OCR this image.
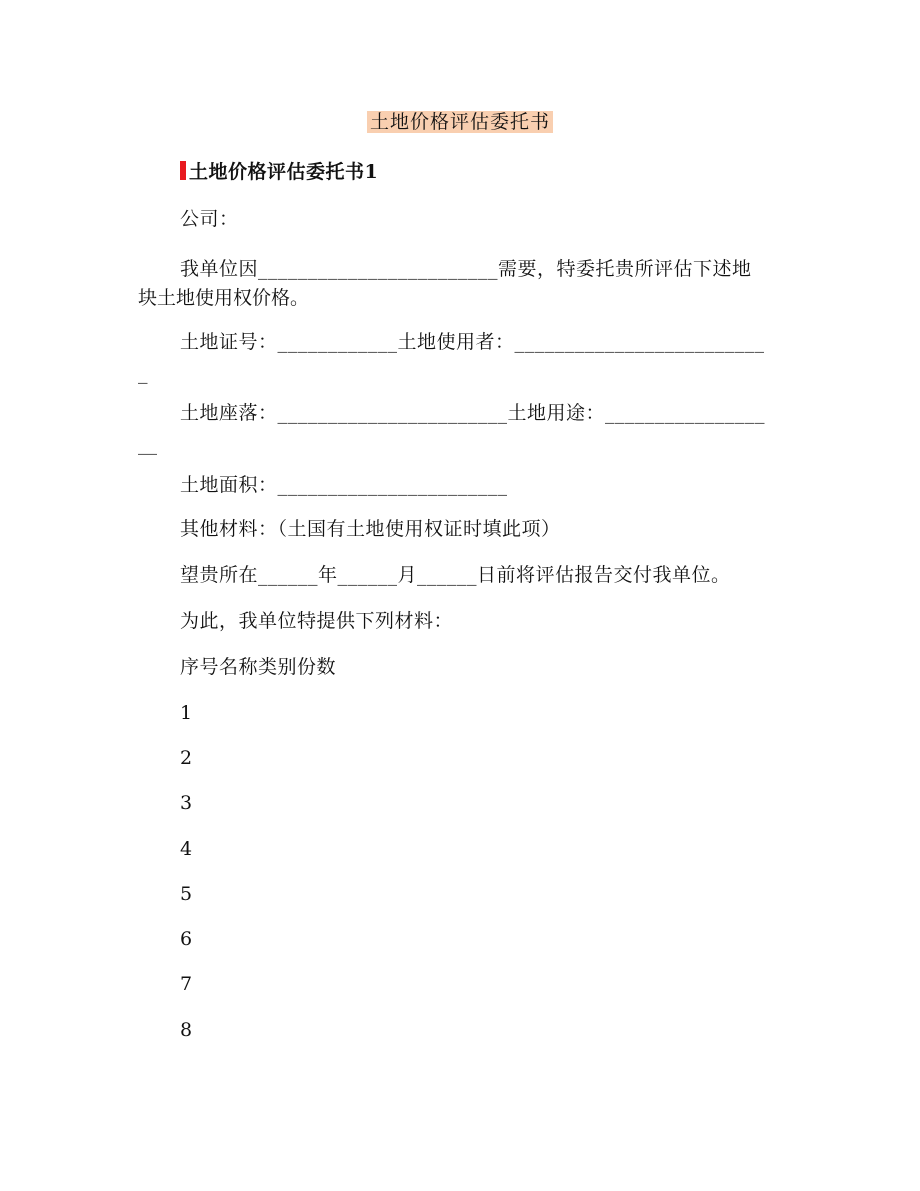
土地价格评估委托书
土地价格评估委托书1
公司：
我单位因________________________需要，特委托贵所评估下述地
块土地使用权价格。
土地证号：____________土地使用者：_________________________
_
土地座落：_______________________土地用途：________________
__
土地面积：_______________________
其他材料：（土国有土地使用权证时填此项）
望贵所在______年______月______日前将评估报告交付我单位。
为此，我单位特提供下列材料：
序号名称类别份数
1
2
3
4
5
6
7
8
